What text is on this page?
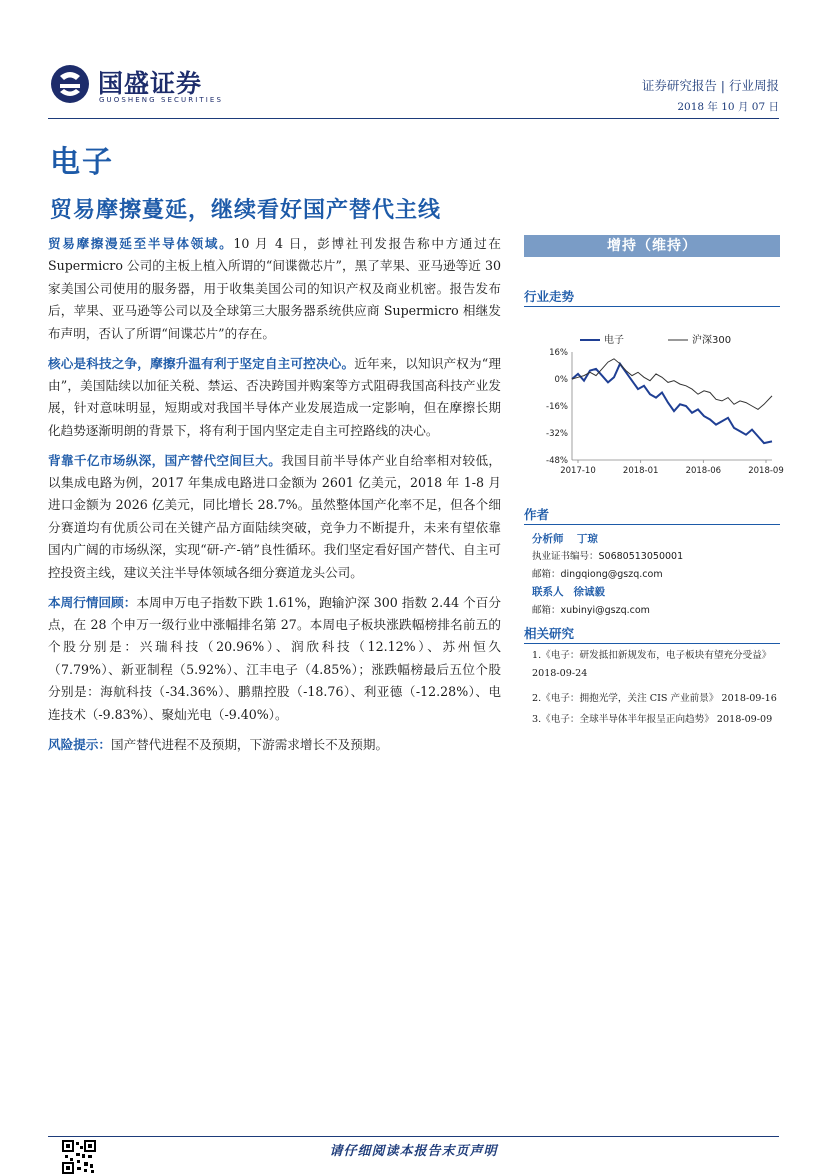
国盛证券
GUOSHENG SECURITIES
证券研究报告 | 行业周报
2018 年 10 月 07 日
电子
贸易摩擦蔓延，继续看好国产替代主线

贸易摩擦漫延至半导体领域。10 月 4 日，彭博社刊发报告称中方通过在 Supermicro 公司的主板上植入所谓的“间谍微芯片”，黑了苹果、亚马逊等近 30 家美国公司使用的服务器，用于收集美国公司的知识产权及商业机密。报告发布后，苹果、亚马逊等公司以及全球第三大服务器系统供应商 Supermicro 相继发布声明，否认了所谓“间谍芯片”的存在。

核心是科技之争，摩擦升温有利于坚定自主可控决心。近年来，以知识产权为“理由”，美国陆续以加征关税、禁运、否决跨国并购案等方式阻碍我国高科技产业发展，针对意味明显，短期或对我国半导体产业发展造成一定影响，但在摩擦长期化趋势逐渐明朗的背景下，将有利于国内坚定走自主可控路线的决心。

背靠千亿市场纵深，国产替代空间巨大。我国目前半导体产业自给率相对较低，以集成电路为例，2017 年集成电路进口金额为 2601 亿美元，2018 年 1-8 月进口金额为 2026 亿美元，同比增长 28.7%。虽然整体国产化率不足，但各个细分赛道均有优质公司在关键产品方面陆续突破，竞争力不断提升，未来有望依靠国内广阔的市场纵深，实现“研-产-销”良性循环。我们坚定看好国产替代、自主可控投资主线，建议关注半导体领域各细分赛道龙头公司。

本周行情回顾：本周申万电子指数下跌 1.61%，跑输沪深 300 指数 2.44 个百分点，在 28 个申万一级行业中涨幅排名第 27。本周电子板块涨跌幅榜排名前五的个股分别是：兴瑞科技（20.96%）、润欣科技（12.12%）、苏州恒久（7.79%）、新亚制程（5.92%）、江丰电子（4.85%）；涨跌幅榜最后五位个股分别是：海航科技（-34.36%）、鹏鼎控股（-18.76）、利亚德（-12.28%）、电连技术（-9.83%）、聚灿光电（-9.40%）。

风险提示：国产替代进程不及预期，下游需求增长不及预期。

增持（维持）
行业走势
电子	沪深300
16%
0%
-16%
-32%
-48%
2017-10	2018-01	2018-06	2018-09
作者
分析师 丁琼
执业证书编号：S0680513050001
邮箱：dingqiong@gszq.com
联系人 徐诚毅
邮箱：xubinyi@gszq.com
相关研究
1.《电子：研发抵扣新规发布，电子板块有望充分受益》
2018-09-24
2.《电子：拥抱光学，关注 CIS 产业前景》 2018-09-16
3.《电子：全球半导体半年报呈正向趋势》 2018-09-09
请仔细阅读本报告末页声明
